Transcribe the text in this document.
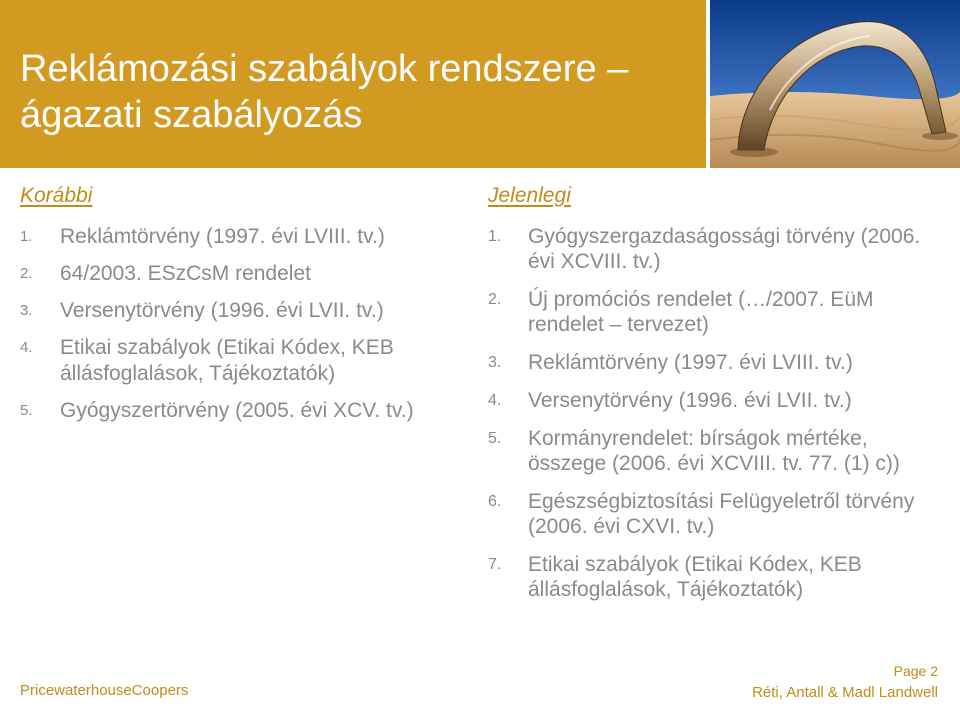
Reklámozási szabályok rendszere –
ágazati szabályozás
Korábbi
1. Reklámtörvény (1997. évi LVIII. tv.)
2. 64/2003. ESzCsM rendelet
3. Versenytörvény (1996. évi LVII. tv.)
4. Etikai szabályok (Etikai Kódex, KEB állásfoglalások, Tájékoztatók)
5. Gyógyszertörvény (2005. évi XCV. tv.)
Jelenlegi
1. Gyógyszergazdaságossági törvény (2006. évi XCVIII. tv.)
2. Új promóciós rendelet (…/2007. EüM rendelet – tervezet)
3. Reklámtörvény (1997. évi LVIII. tv.)
4. Versenytörvény (1996. évi LVII. tv.)
5. Kormányrendelet: bírságok mértéke, összege (2006. évi XCVIII. tv. 77. (1) c))
6. Egészségbiztosítási Felügyeletről törvény (2006. évi CXVI. tv.)
7. Etikai szabályok (Etikai Kódex, KEB állásfoglalások, Tájékoztatók)
PricewaterhouseCoopers
Page 2
Réti, Antall & Madl Landwell
